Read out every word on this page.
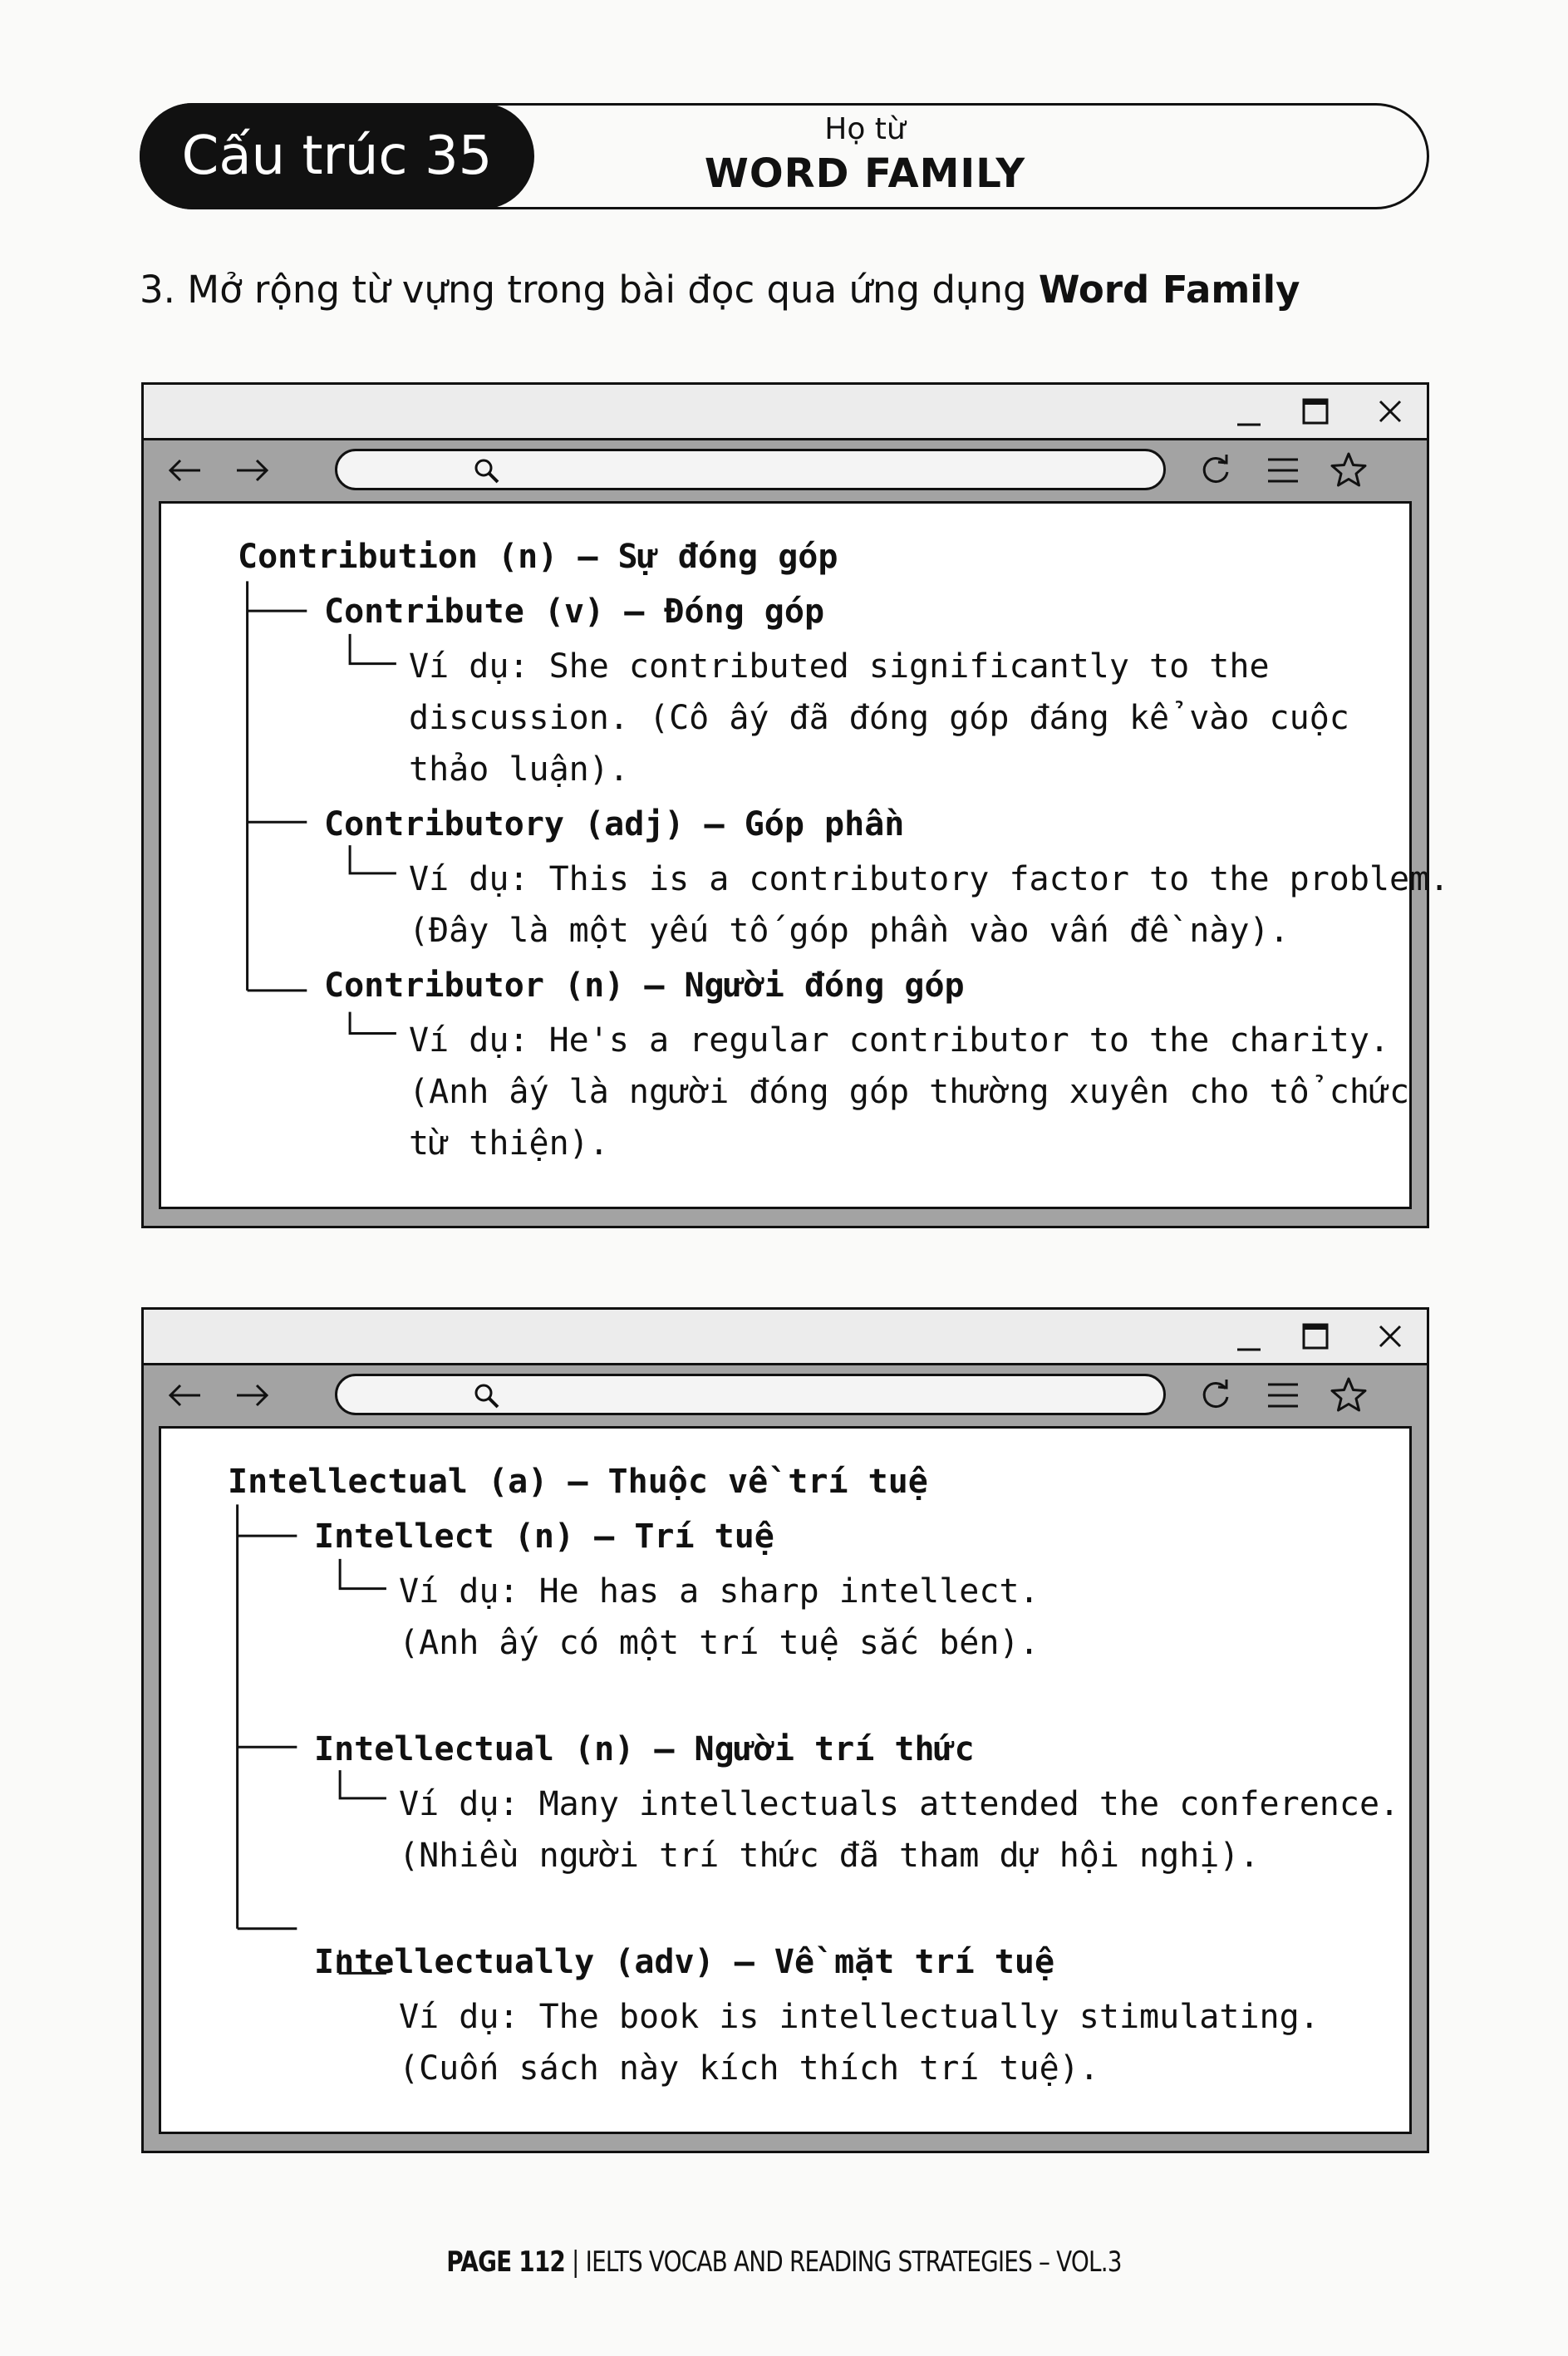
Cấu trúc 35	Họ từ
WORD FAMILY
3. Mở rộng từ vựng trong bài đọc qua ứng dụng Word Family
Contribution (n) – Sự đóng góp
Contribute (v) – Đóng góp
Ví dụ: She contributed significantly to the
discussion. (Cô ấy đã đóng góp đáng kể vào cuộc
thảo luận).
Contributory (adj) – Góp phần
Ví dụ: This is a contributory factor to the problem.
(Đây là một yếu tố góp phần vào vấn đề này).
Contributor (n) – Người đóng góp
Ví dụ: He's a regular contributor to the charity.
(Anh ấy là người đóng góp thường xuyên cho tổ chức
từ thiện).
Intellectual (a) – Thuộc về trí tuệ
Intellect (n) – Trí tuệ
Ví dụ: He has a sharp intellect.
(Anh ấy có một trí tuệ sắc bén).
Intellectual (n) – Người trí thức
Ví dụ: Many intellectuals attended the conference.
(Nhiều người trí thức đã tham dự hội nghị).
Intellectually (adv) – Về mặt trí tuệ
Ví dụ: The book is intellectually stimulating.
(Cuốn sách này kích thích trí tuệ).
PAGE 112 | IELTS VOCAB AND READING STRATEGIES – VOL.3
